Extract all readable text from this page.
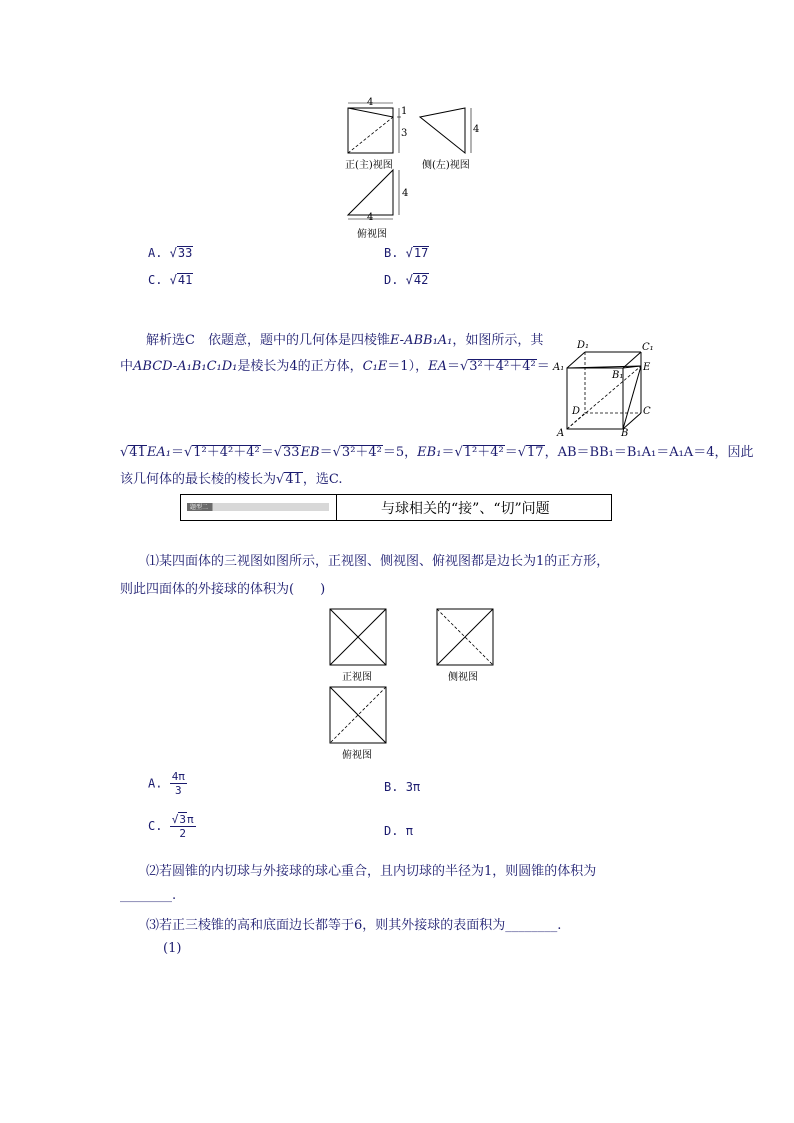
4
1
3	4
正(主)视图	侧(左)视图
4
4
俯视图
A. √33	B. √17
C. √41	D. √42
解析选C　依题意，题中的几何体是四棱锥E-ABB₁A₁，如图所示，其
中ABCD-A₁B₁C₁D₁是棱长为4的正方体，C₁E＝1），EA＝√3²＋4²＋4²＝
D₁	C₁
A₁	E
B₁
D	C
A	B
√41EA₁＝√1²＋4²＋4²＝√33EB＝√3²＋4²＝5，EB₁＝√1²＋4²＝√17，AB＝BB₁＝B₁A₁＝A₁A＝4，因此
该几何体的最长棱的棱长为√41，选C.
题型二	与球相关的“接”、“切”问题
⑴某四面体的三视图如图所示，正视图、侧视图、俯视图都是边长为1的正方形，
则此四面体的外接球的体积为(　　)
正视图	侧视图
俯视图
A. $\frac{4\pi}{3}$	B. 3π
C. $\frac{√3\pi}{2}$	D. π
⑵若圆锥的内切球与外接球的球心重合，且内切球的半径为1，则圆锥的体积为
________.
⑶若正三棱锥的高和底面边长都等于6，则其外接球的表面积为________.
(1)
